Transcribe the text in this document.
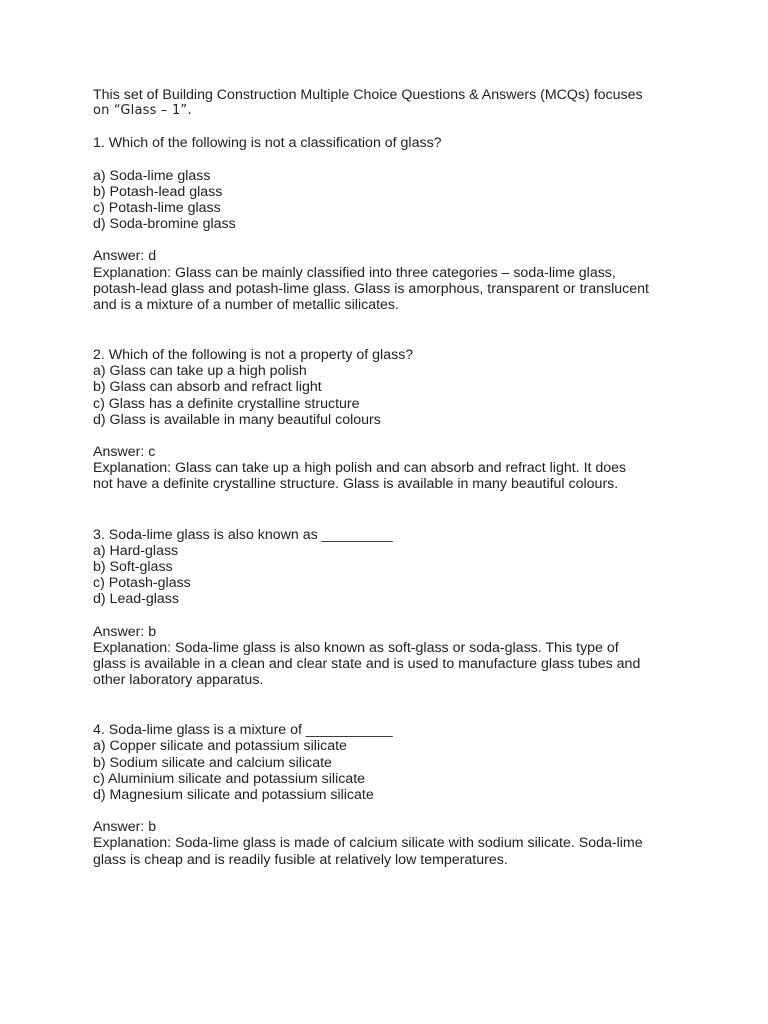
This set of Building Construction Multiple Choice Questions & Answers (MCQs) focuses
on “Glass – 1”.
1. Which of the following is not a classification of glass?
a) Soda-lime glass
b) Potash-lead glass
c) Potash-lime glass
d) Soda-bromine glass
Answer: d
Explanation: Glass can be mainly classified into three categories – soda-lime glass,
potash-lead glass and potash-lime glass. Glass is amorphous, transparent or translucent
and is a mixture of a number of metallic silicates.
2. Which of the following is not a property of glass?
a) Glass can take up a high polish
b) Glass can absorb and refract light
c) Glass has a definite crystalline structure
d) Glass is available in many beautiful colours
Answer: c
Explanation: Glass can take up a high polish and can absorb and refract light. It does
not have a definite crystalline structure. Glass is available in many beautiful colours.
3. Soda-lime glass is also known as _________
a) Hard-glass
b) Soft-glass
c) Potash-glass
d) Lead-glass
Answer: b
Explanation: Soda-lime glass is also known as soft-glass or soda-glass. This type of
glass is available in a clean and clear state and is used to manufacture glass tubes and
other laboratory apparatus.
4. Soda-lime glass is a mixture of ___________
a) Copper silicate and potassium silicate
b) Sodium silicate and calcium silicate
c) Aluminium silicate and potassium silicate
d) Magnesium silicate and potassium silicate
Answer: b
Explanation: Soda-lime glass is made of calcium silicate with sodium silicate. Soda-lime
glass is cheap and is readily fusible at relatively low temperatures.
